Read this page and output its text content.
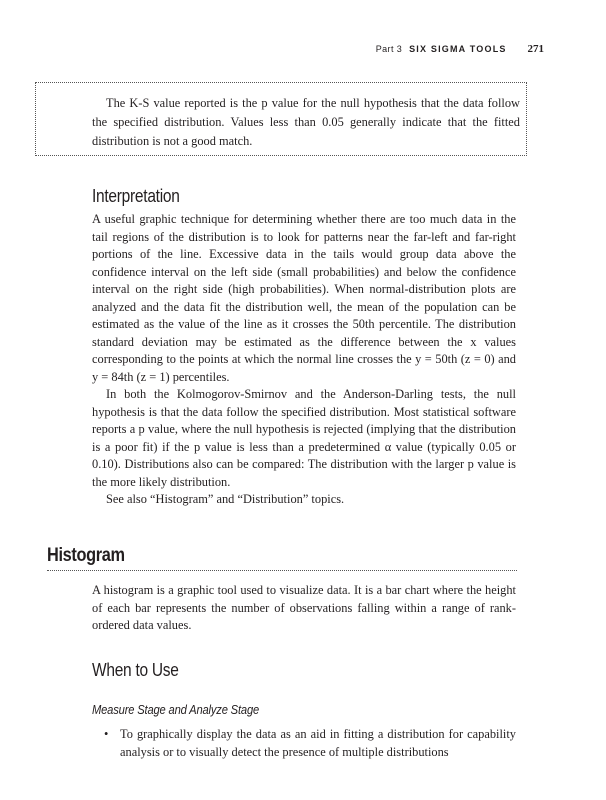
Part 3 SIX SIGMA TOOLS 271

The K-S value reported is the p value for the null hypothesis that the data follow the specified distribution. Values less than 0.05 generally indicate that the fitted distribution is not a good match.

Interpretation

A useful graphic technique for determining whether there are too much data in the tail regions of the distribution is to look for patterns near the far-left and far-right portions of the line. Excessive data in the tails would group data above the confidence interval on the left side (small probabilities) and below the confidence interval on the right side (high probabilities). When normal-distribution plots are analyzed and the data fit the distribution well, the mean of the population can be estimated as the value of the line as it crosses the 50th percentile. The distribution standard deviation may be estimated as the difference between the x values corresponding to the points at which the normal line crosses the y = 50th (z = 0) and y = 84th (z = 1) percentiles.

In both the Kolmogorov-Smirnov and the Anderson-Darling tests, the null hypothesis is that the data follow the specified distribution. Most statistical software reports a p value, where the null hypothesis is rejected (implying that the distribution is a poor fit) if the p value is less than a predetermined α value (typically 0.05 or 0.10). Distributions also can be compared: The distribution with the larger p value is the more likely distribution.

See also “Histogram” and “Distribution” topics.

Histogram

A histogram is a graphic tool used to visualize data. It is a bar chart where the height of each bar represents the number of observations falling within a range of rank-ordered data values.

When to Use
Measure Stage and Analyze Stage
• To graphically display the data as an aid in fitting a distribution for capability analysis or to visually detect the presence of multiple distributions
